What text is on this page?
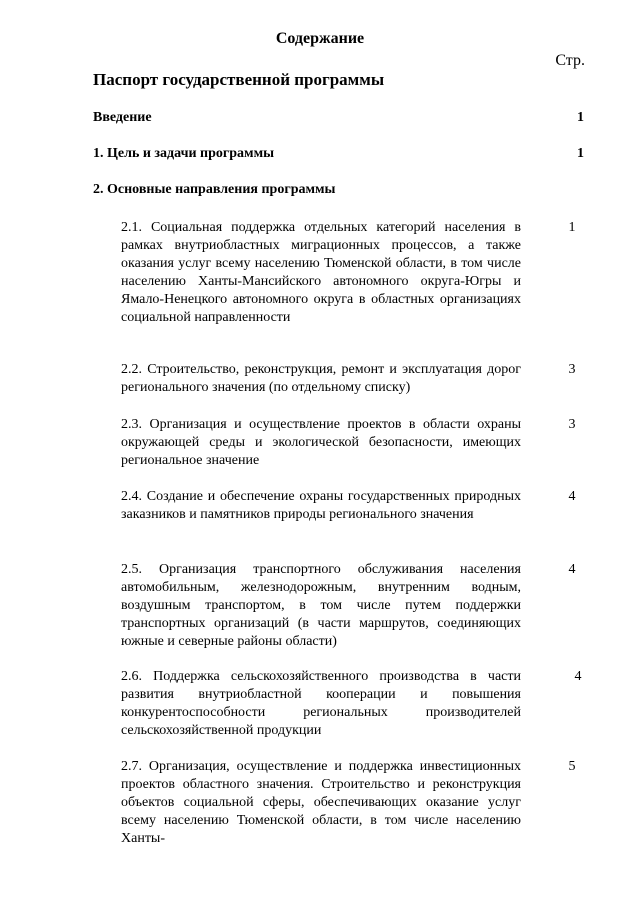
Содержание
Стр.
Паспорт государственной программы
Введение	1
1. Цель и задачи программы	1
2. Основные направления программы
2.1. Социальная поддержка отдельных категорий населения в рамках внутриобластных миграционных процессов, а также оказания услуг всему населению Тюменской области, в том числе населению Ханты-Мансийского автономного округа-Югры и Ямало-Ненецкого автономного округа в областных организациях социальной направленности
1
2.2. Строительство, реконструкция, ремонт и эксплуатация дорог регионального значения (по отдельному списку)
3
2.3. Организация и осуществление проектов в области охраны окружающей среды и экологической безопасности, имеющих региональное значение
3
2.4. Создание и обеспечение охраны государственных природных заказников и памятников природы регионального значения
4
2.5. Организация транспортного обслуживания населения автомобильным, железнодорожным, внутренним водным, воздушным транспортом, в том числе путем поддержки транспортных организаций (в части маршрутов, соединяющих южные и северные районы области)
4
2.6. Поддержка сельскохозяйственного производства в части развития внутриобластной кооперации и повышения конкурентоспособности региональных производителей сельскохозяйственной продукции
4
2.7. Организация, осуществление и поддержка инвестиционных проектов областного значения. Строительство и реконструкция объектов социальной сферы, обеспечивающих оказание услуг всему населению Тюменской области, в том числе населению Ханты-
5
